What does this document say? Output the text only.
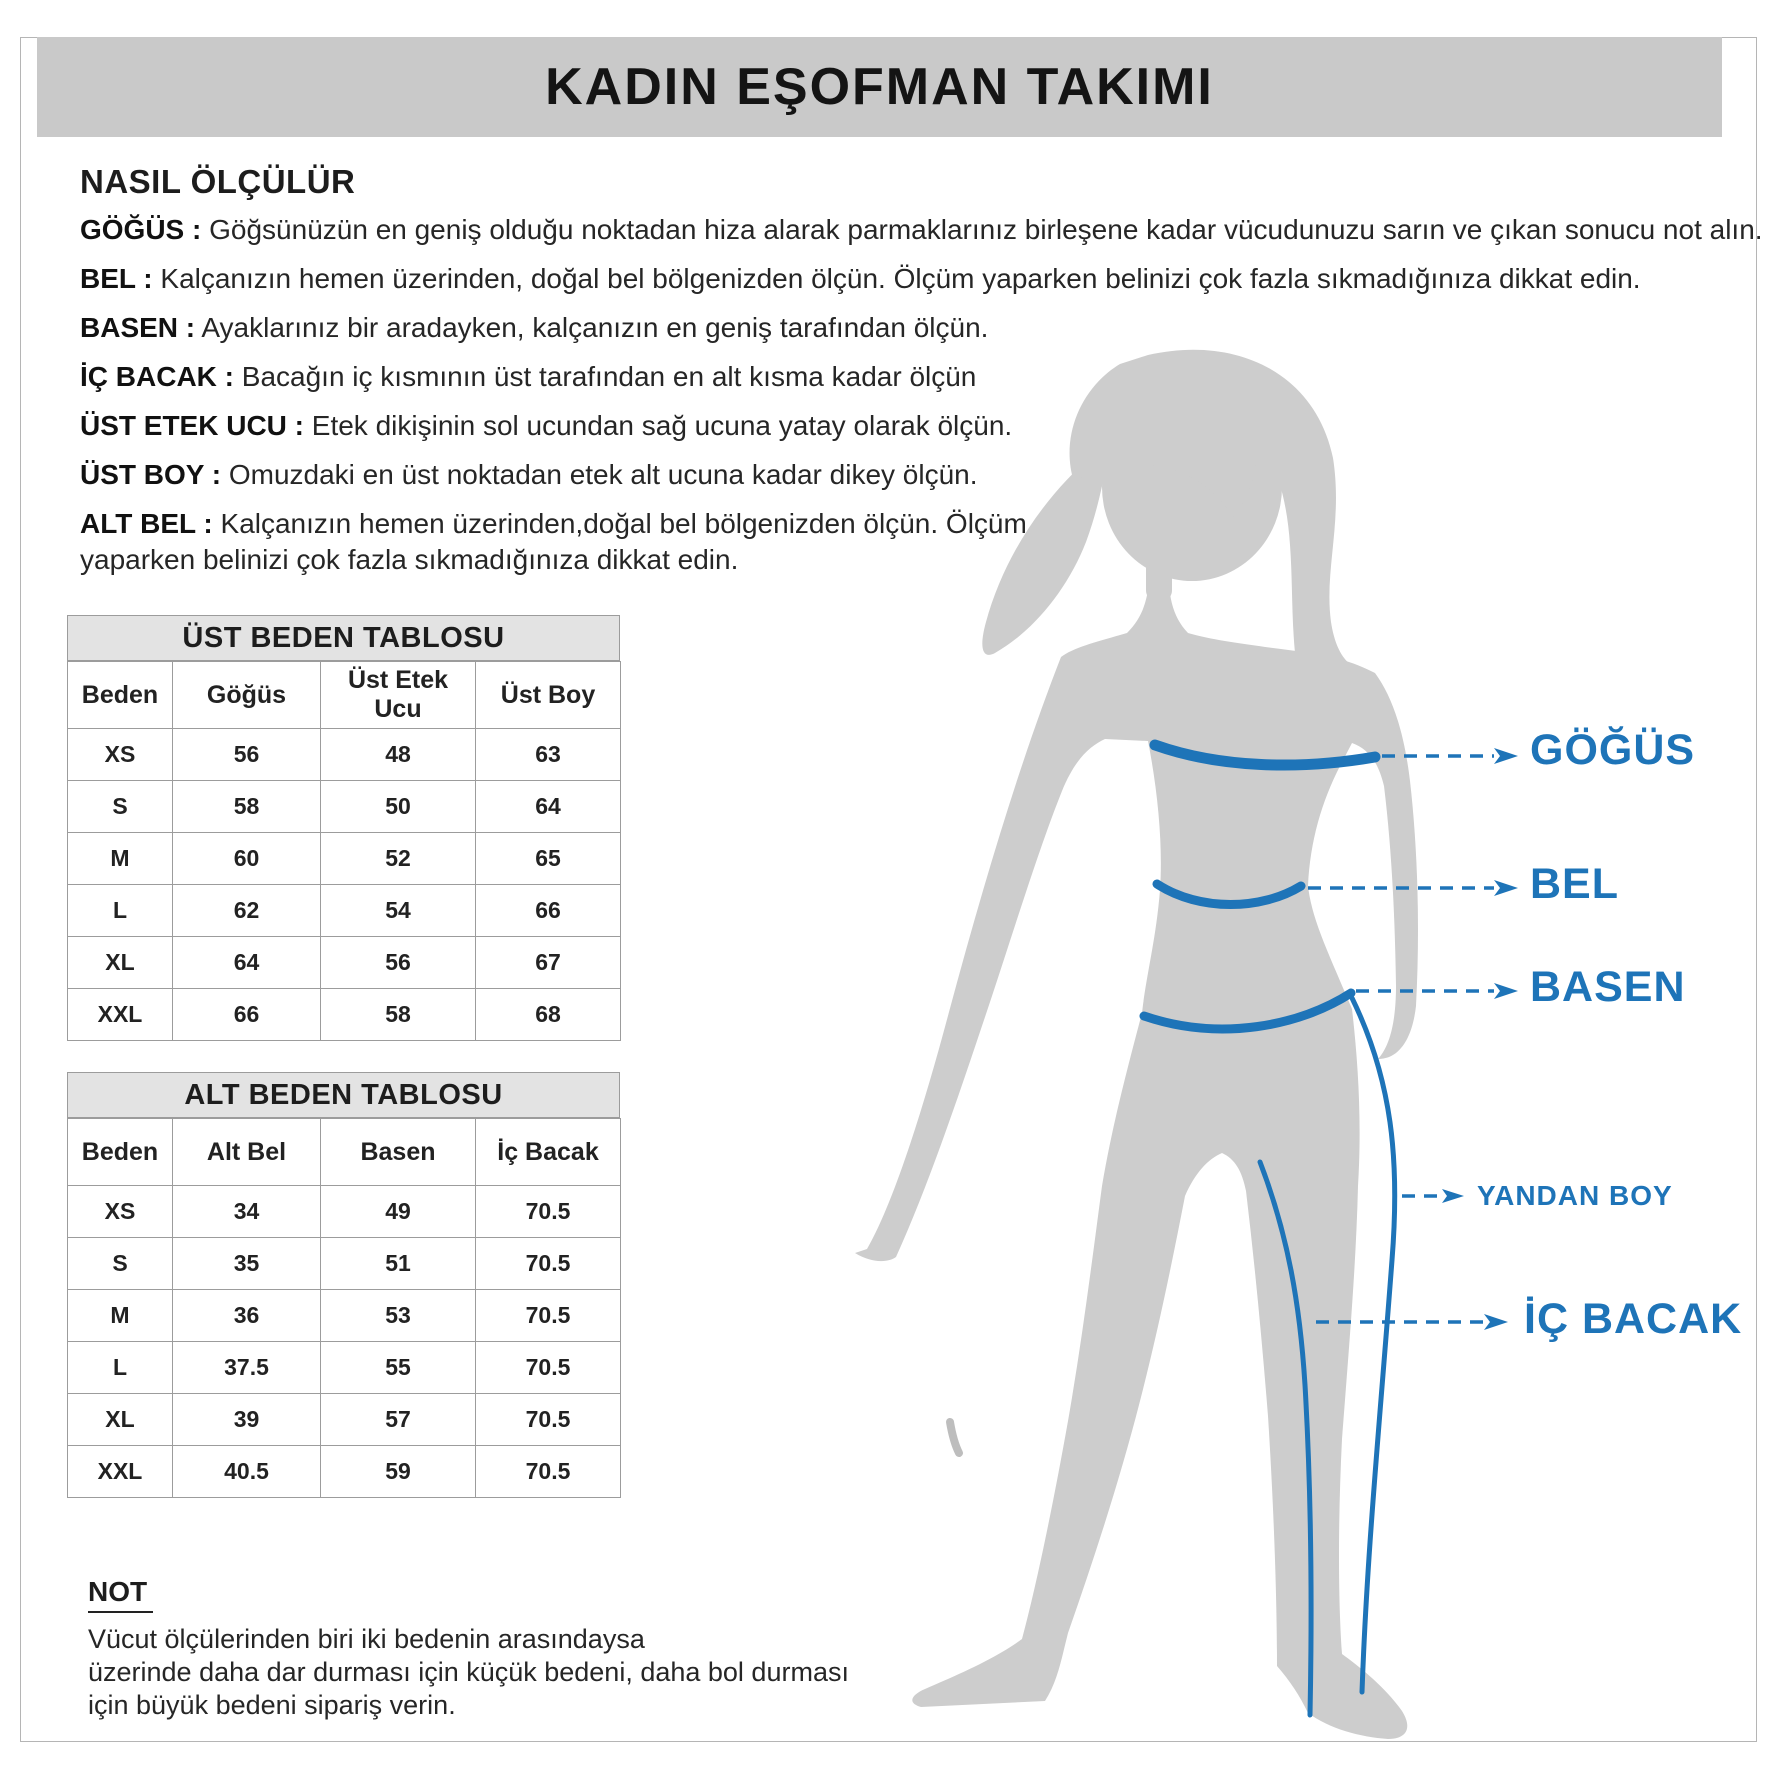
KADIN EŞOFMAN TAKIMI
NASIL ÖLÇÜLÜR

GÖĞÜS : Göğsünüzün en geniş olduğu noktadan hiza alarak parmaklarınız birleşene kadar vücudunuzu sarın ve çıkan sonucu not alın.

BEL : Kalçanızın hemen üzerinden, doğal bel bölgenizden ölçün. Ölçüm yaparken belinizi çok fazla sıkmadığınıza dikkat edin.

BASEN : Ayaklarınız bir aradayken, kalçanızın en geniş tarafından ölçün.

İÇ BACAK : Bacağın iç kısmının üst tarafından en alt kısma kadar ölçün

ÜST ETEK UCU : Etek dikişinin sol ucundan sağ ucuna yatay olarak ölçün.

ÜST BOY : Omuzdaki en üst noktadan etek alt ucuna kadar dikey ölçün.

ALT BEL : Kalçanızın hemen üzerinden,doğal bel bölgenizden ölçün. Ölçüm yaparken belinizi çok fazla sıkmadığınıza dikkat edin.

ÜST BEDEN TABLOSU
Beden	Göğüs	Üst Etek Ucu	Üst Boy
XS	56	48	63
S	58	50	64
M	60	52	65
L	62	54	66
XL	64	56	67
XXL	66	58	68
ALT BEDEN TABLOSU
Beden	Alt Bel	Basen	İç Bacak
XS	34	49	70.5
S	35	51	70.5
M	36	53	70.5
L	37.5	55	70.5
XL	39	57	70.5
XXL	40.5	59	70.5
GÖĞÜS
BEL
BASEN
YANDAN BOY
İÇ BACAK
NOT
Vücut ölçülerinden biri iki bedenin arasındaysa
üzerinde daha dar durması için küçük bedeni, daha bol durması
için büyük bedeni sipariş verin.
